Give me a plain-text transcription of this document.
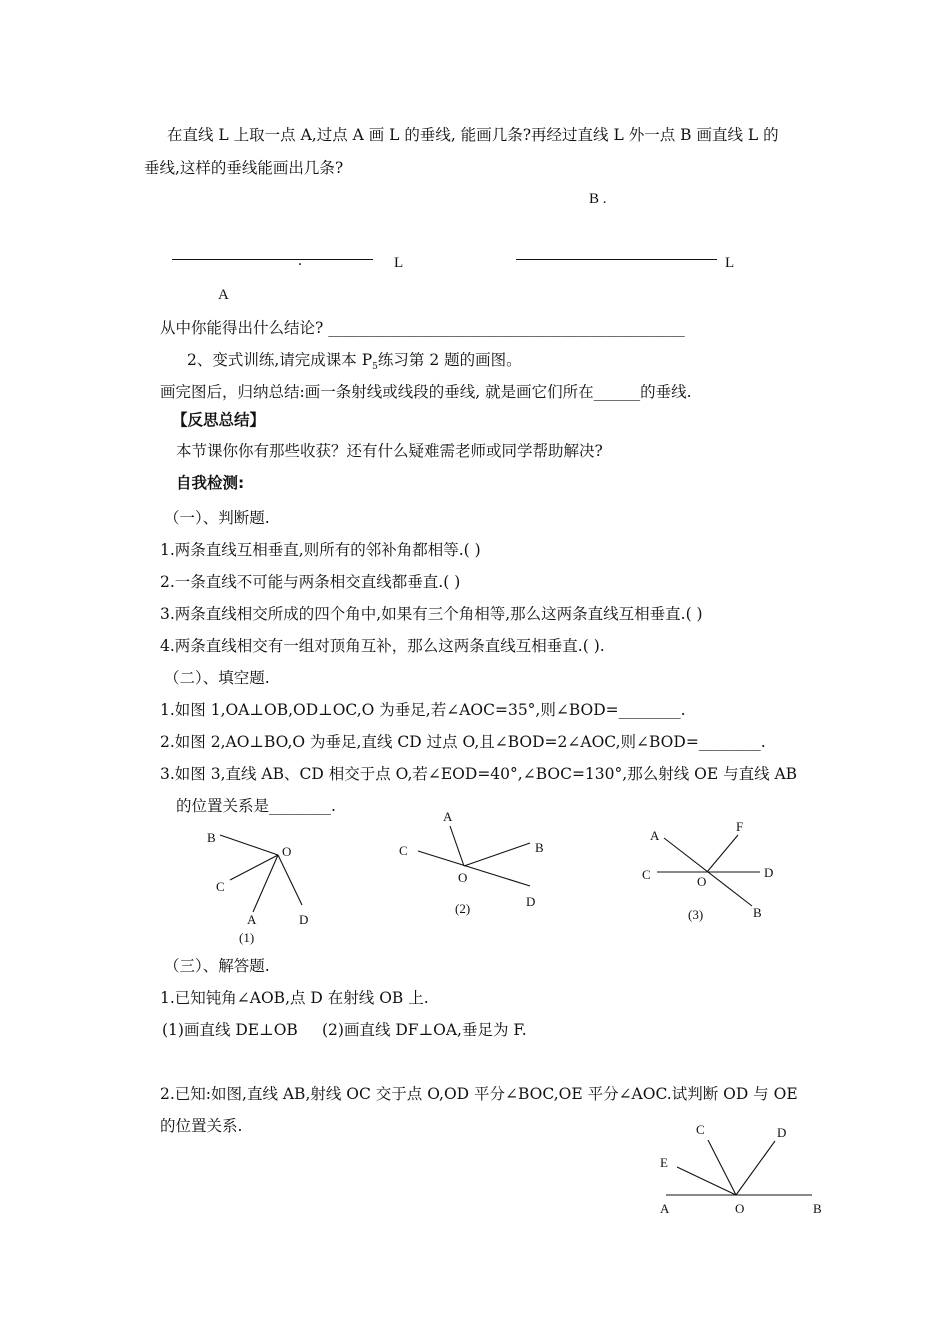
在直线 L 上取一点 A,过点 A 画 L 的垂线, 能画几条?再经过直线 L 外一点 B 画直线 L 的
垂线,这样的垂线能画出几条?
B .
.	L
A
L
从中你能得出什么结论? ______________________________________________
2、变式训练,请完成课本 $P_5$练习第 2 题的画图。
画完图后，归纳总结:画一条射线或线段的垂线, 就是画它们所在______的垂线.
【反思总结】
本节课你你有那些收获？还有什么疑难需老师或同学帮助解决?
自我检测:
（一）、判断题.
1.两条直线互相垂直,则所有的邻补角都相等.( )
2.一条直线不可能与两条相交直线都垂直.( )
3.两条直线相交所成的四个角中,如果有三个角相等,那么这两条直线互相垂直.( )
4.两条直线相交有一组对顶角互补，那么这两条直线互相垂直.( ).
（二）、填空题.
1.如图 1,OA⊥OB,OD⊥OC,O 为垂足,若∠AOC=35°,则∠BOD=________.
2.如图 2,AO⊥BO,O 为垂足,直线 CD 过点 O,且∠BOD=2∠AOC,则∠BOD=________.
3.如图 3,直线 AB、CD 相交于点 O,若∠EOD=40°,∠BOC=130°,那么射线 OE 与直线 AB
的位置关系是________.
B
O
C
A	D
(1)
A
C	B
O
D
(2)
A
F
C	O
D
B
(3)
（三）、解答题.
1.已知钝角∠AOB,点 D 在射线 OB 上.
(1)画直线 DE⊥OB (2)画直线 DF⊥OA,垂足为 F.
2.已知:如图,直线 AB,射线 OC 交于点 O,OD 平分∠BOC,OE 平分∠AOC.试判断 OD 与 OE
的位置关系.	C	D
E
A	O	B
